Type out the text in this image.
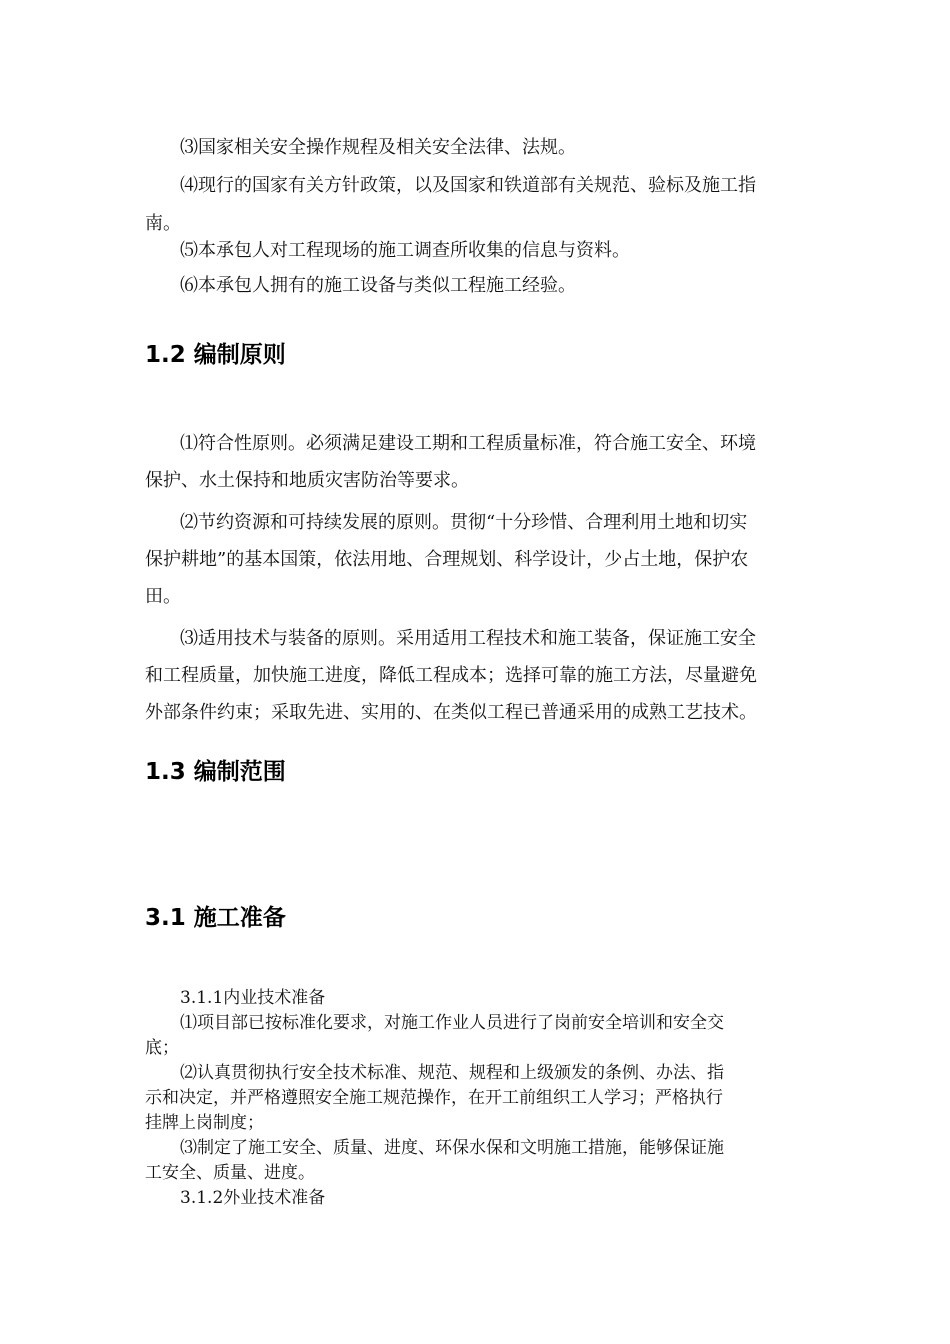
⑶国家相关安全操作规程及相关安全法律、法规。
⑷现行的国家有关方针政策，以及国家和铁道部有关规范、验标及施工指
南。
⑸本承包人对工程现场的施工调查所收集的信息与资料。
⑹本承包人拥有的施工设备与类似工程施工经验。
1.2 编制原则
⑴符合性原则。必须满足建设工期和工程质量标准，符合施工安全、环境
保护、水土保持和地质灾害防治等要求。
⑵节约资源和可持续发展的原则。贯彻“十分珍惜、合理利用土地和切实
保护耕地”的基本国策，依法用地、合理规划、科学设计，少占土地，保护农
田。
⑶适用技术与装备的原则。采用适用工程技术和施工装备，保证施工安全
和工程质量，加快施工进度，降低工程成本；选择可靠的施工方法，尽量避免
外部条件约束；采取先进、实用的、在类似工程已普通采用的成熟工艺技术。
1.3 编制范围
3.1 施工准备
3.1.1内业技术准备
⑴项目部已按标准化要求，对施工作业人员进行了岗前安全培训和安全交
底；
⑵认真贯彻执行安全技术标准、规范、规程和上级颁发的条例、办法、指
示和决定，并严格遵照安全施工规范操作，在开工前组织工人学习；严格执行
挂牌上岗制度；
⑶制定了施工安全、质量、进度、环保水保和文明施工措施，能够保证施
工安全、质量、进度。
3.1.2外业技术准备
